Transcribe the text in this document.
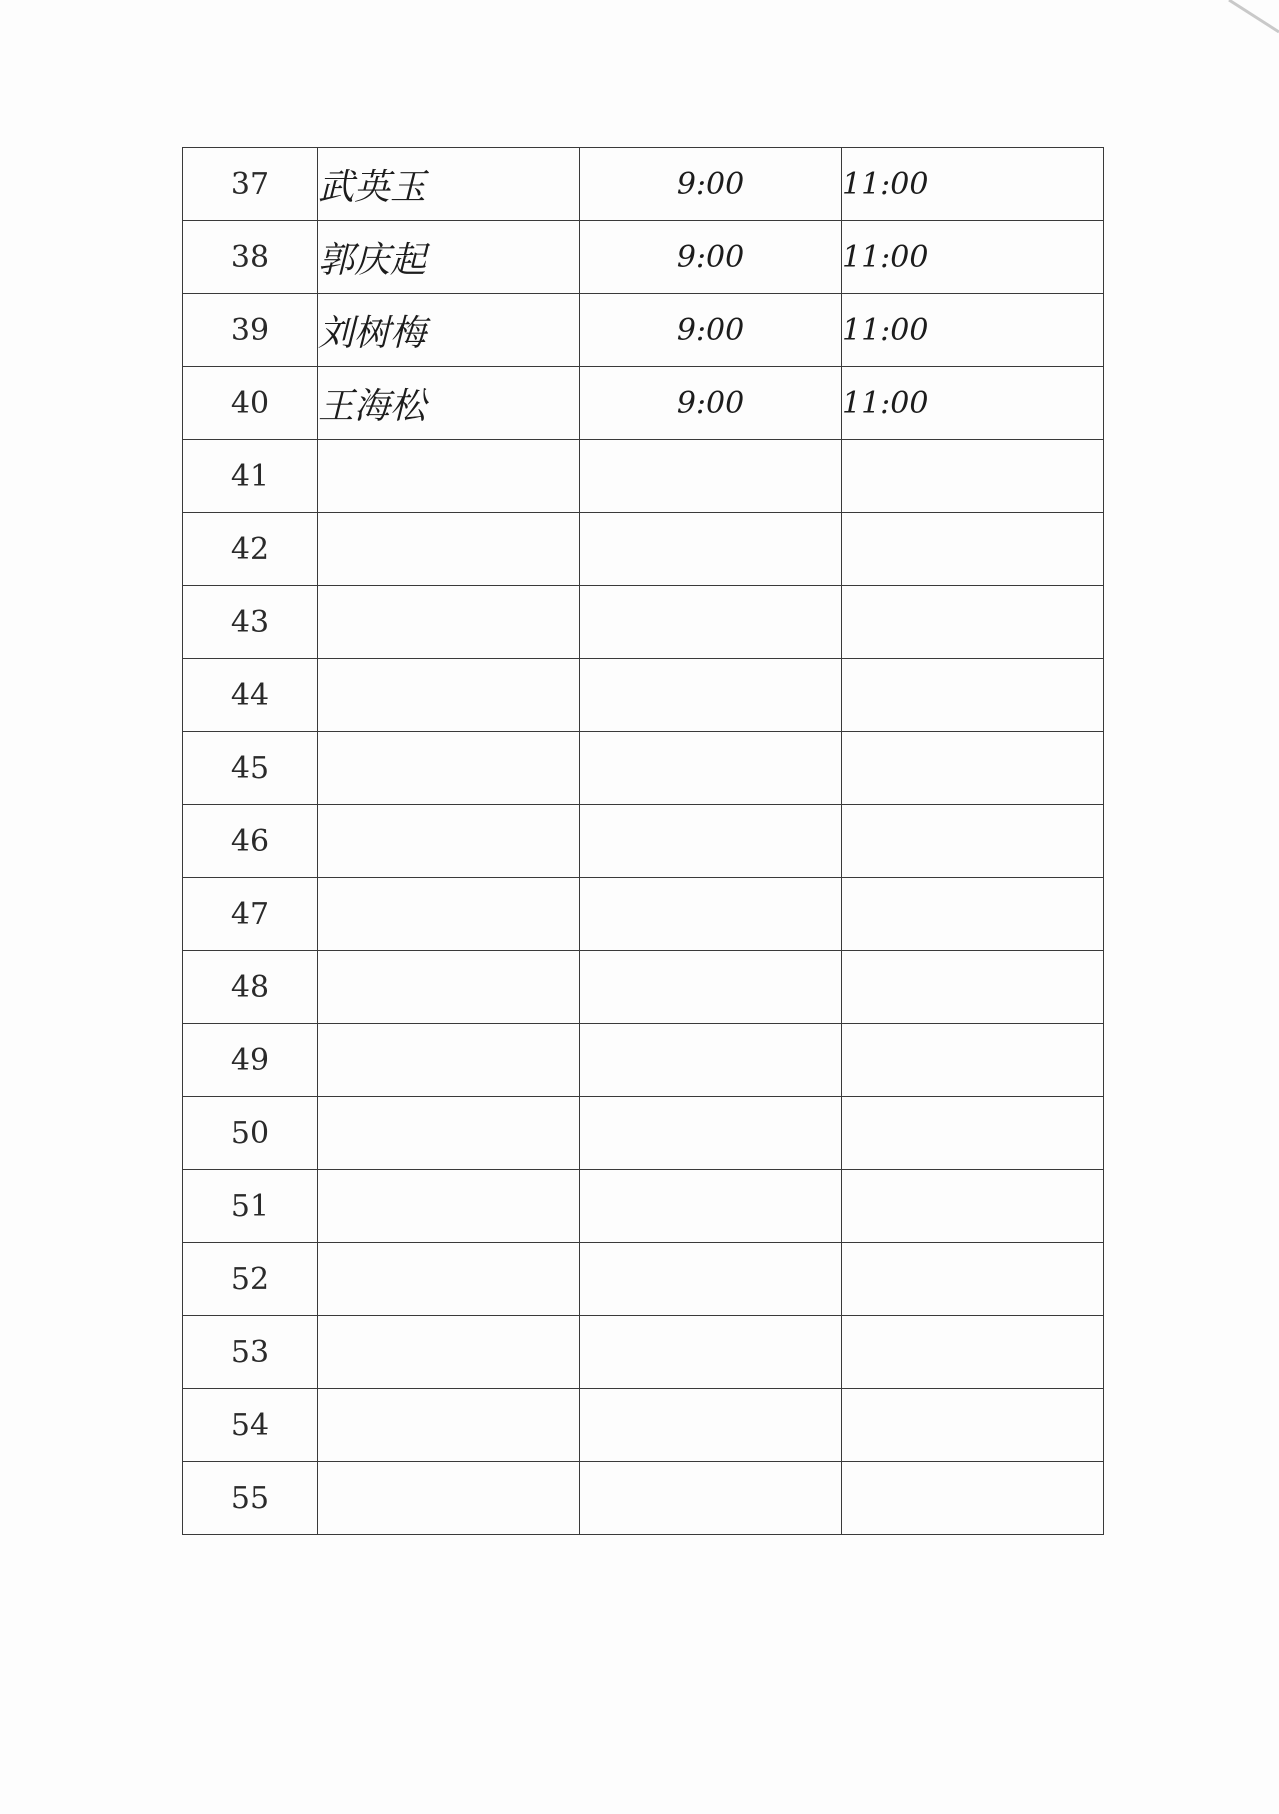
37	武英玉	9:00	11:00
38	郭庆起	9:00	11:00
39	刘树梅	9:00	11:00
40	王海松	9:00	11:00
41			
42			
43			
44			
45			
46			
47			
48			
49			
50			
51			
52			
53			
54			
55			
